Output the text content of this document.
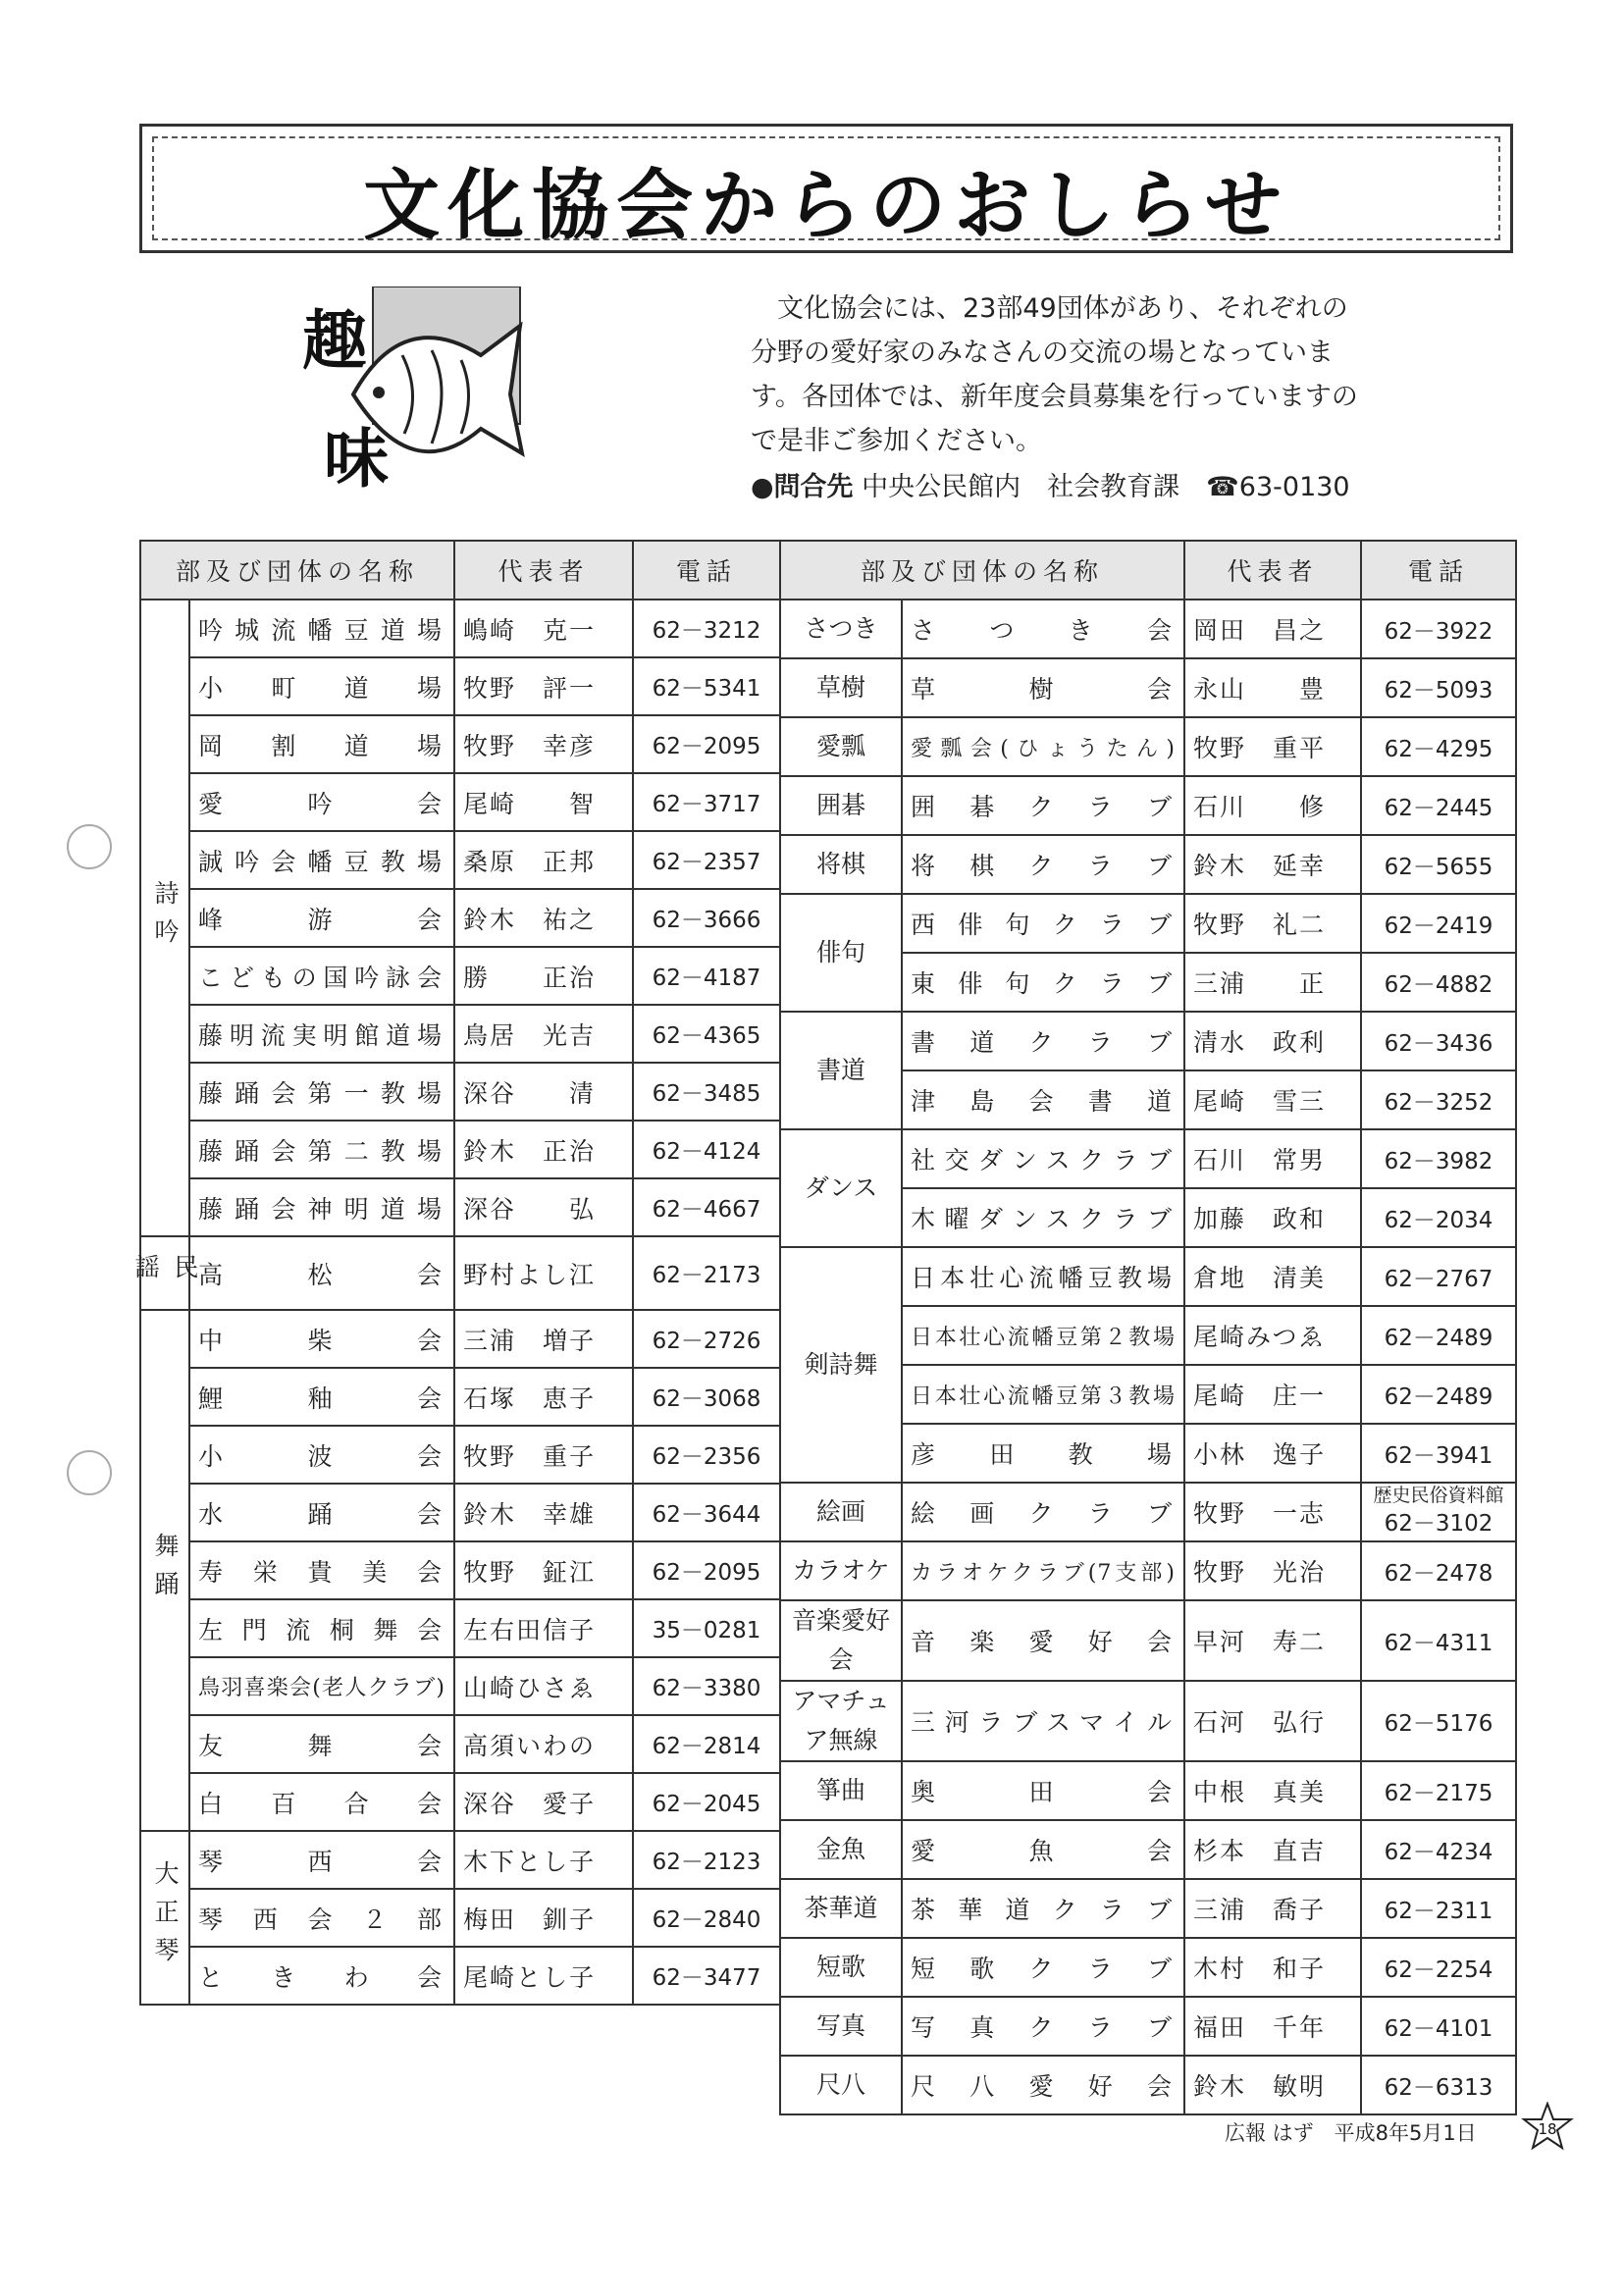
文化協会からのおしらせ
趣
味

文化協会には、23部49団体があり、それぞれの分野の愛好家のみなさんの交流の場となっています。各団体では、新年度会員募集を行っていますので是非ご参加ください。

●問合先 中央公民館内　社会教育課　☎63-0130
部及び団体の名称		代表者	電話
詩吟	吟城流幡豆道場	嶋崎　克一	62－3212
	小町道場	牧野　評一	62－5341
	岡割道場	牧野　幸彦	62－2095
	愛吟会	尾崎　　智	62－3717
	誠吟会幡豆教場	桑原　正邦	62－2357
	峰游会	鈴木　祐之	62－3666
	こどもの国吟詠会	勝　　正治	62－4187
	藤明流実明館道場	鳥居　光吉	62－4365
	藤踊会第一教場	深谷　　清	62－3485
	藤踊会第二教場	鈴木　正治	62－4124
	藤踊会神明道場	深谷　　弘	62－4667
民謡	高松会	野村よし江	62－2173
舞踊	中柴会	三浦　増子	62－2726
	鯉釉会	石塚　恵子	62－3068
	小波会	牧野　重子	62－2356
	水踊会	鈴木　幸雄	62－3644
	寿栄貴美会	牧野　鉦江	62－2095
	左門流桐舞会	左右田信子	35－0281
	鳥羽喜楽会(老人クラブ)	山崎ひさゑ	62－3380
	友舞会	高須いわの	62－2814
	白百合会	深谷　愛子	62－2045
大正琴	琴西会	木下とし子	62－2123
	琴西会２部	梅田　釧子	62－2840
	ときわ会	尾崎とし子	62－3477
部及び団体の名称		代表者	電話
さつき	さつき会	岡田　昌之	62－3922
草樹	草樹会	永山　　豊	62－5093
愛瓢	愛瓢会(ひょうたん)	牧野　重平	62－4295
囲碁	囲碁クラブ	石川　　修	62－2445
将棋	将棋クラブ	鈴木　延幸	62－5655
俳句	西俳句クラブ	牧野　礼二	62－2419
	東俳句クラブ	三浦　　正	62－4882
書道	書道クラブ	清水　政利	62－3436
	津島会書道	尾崎　雪三	62－3252
ダンス	社交ダンスクラブ	石川　常男	62－3982
	木曜ダンスクラブ	加藤　政和	62－2034
剣詩舞	日本壮心流幡豆教場	倉地　清美	62－2767
	日本壮心流幡豆第２教場	尾崎みつゑ	62－2489
	日本壮心流幡豆第３教場	尾崎　庄一	62－2489
	彦田教場	小林　逸子	62－3941
絵画	絵画クラブ	牧野　一志	歴史民俗資料館
62－3102
カラオケ	カラオケクラブ(7支部)	牧野　光治	62－2478
音楽愛好会	音楽愛好会	早河　寿二	62－4311
アマチュア無線	三河ラブスマイル	石河　弘行	62－5176
箏曲	奥田会	中根　真美	62－2175
金魚	愛魚会	杉本　直吉	62－4234
茶華道	茶華道クラブ	三浦　喬子	62－2311
短歌	短歌クラブ	木村　和子	62－2254
写真	写真クラブ	福田　千年	62－4101
尺八	尺八愛好会	鈴木　敏明	62－6313
広報 はず　平成8年5月1日	18
